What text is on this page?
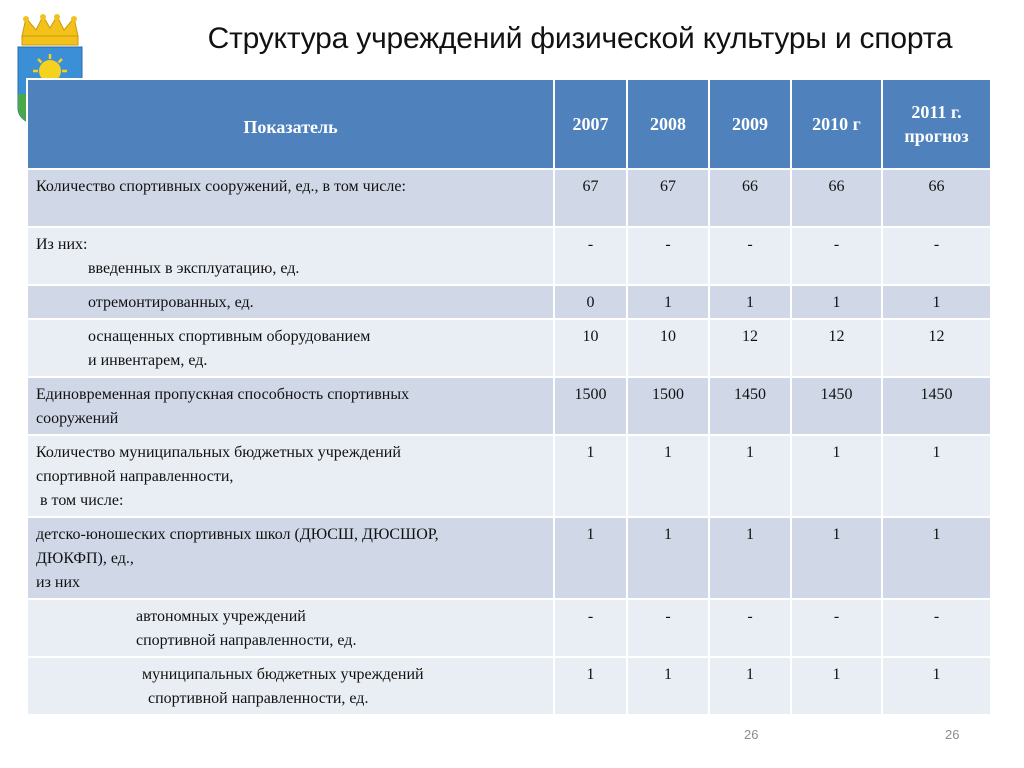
Структура учреждений физической культуры и спорта
Показатель	2007	2008	2009	2010 г	2011 г.
прогноз

Количество спортивных сооружений, ед., в том числе:	67	67	66	66	66

Из них:
введенных в эксплуатацию, ед.	-	-	-	-	-

отремонтированных, ед.	0	1	1	1	1

оснащенных спортивным оборудованием
и инвентарем, ед.	10	10	12	12	12

Единовременная пропускная способность спортивных
сооружений	1500	1500	1450	1450	1450

Количество муниципальных бюджетных учреждений
спортивной направленности,
в том числе:	1	1	1	1	1

детско-юношеских спортивных школ (ДЮСШ, ДЮСШОР,
ДЮКФП), ед.,
из них	1	1	1	1	1

автономных учреждений
спортивной направленности, ед.	-	-	-	-	-

муниципальных бюджетных учреждений
спортивной направленности, ед.	1	1	1	1	1
26	26
